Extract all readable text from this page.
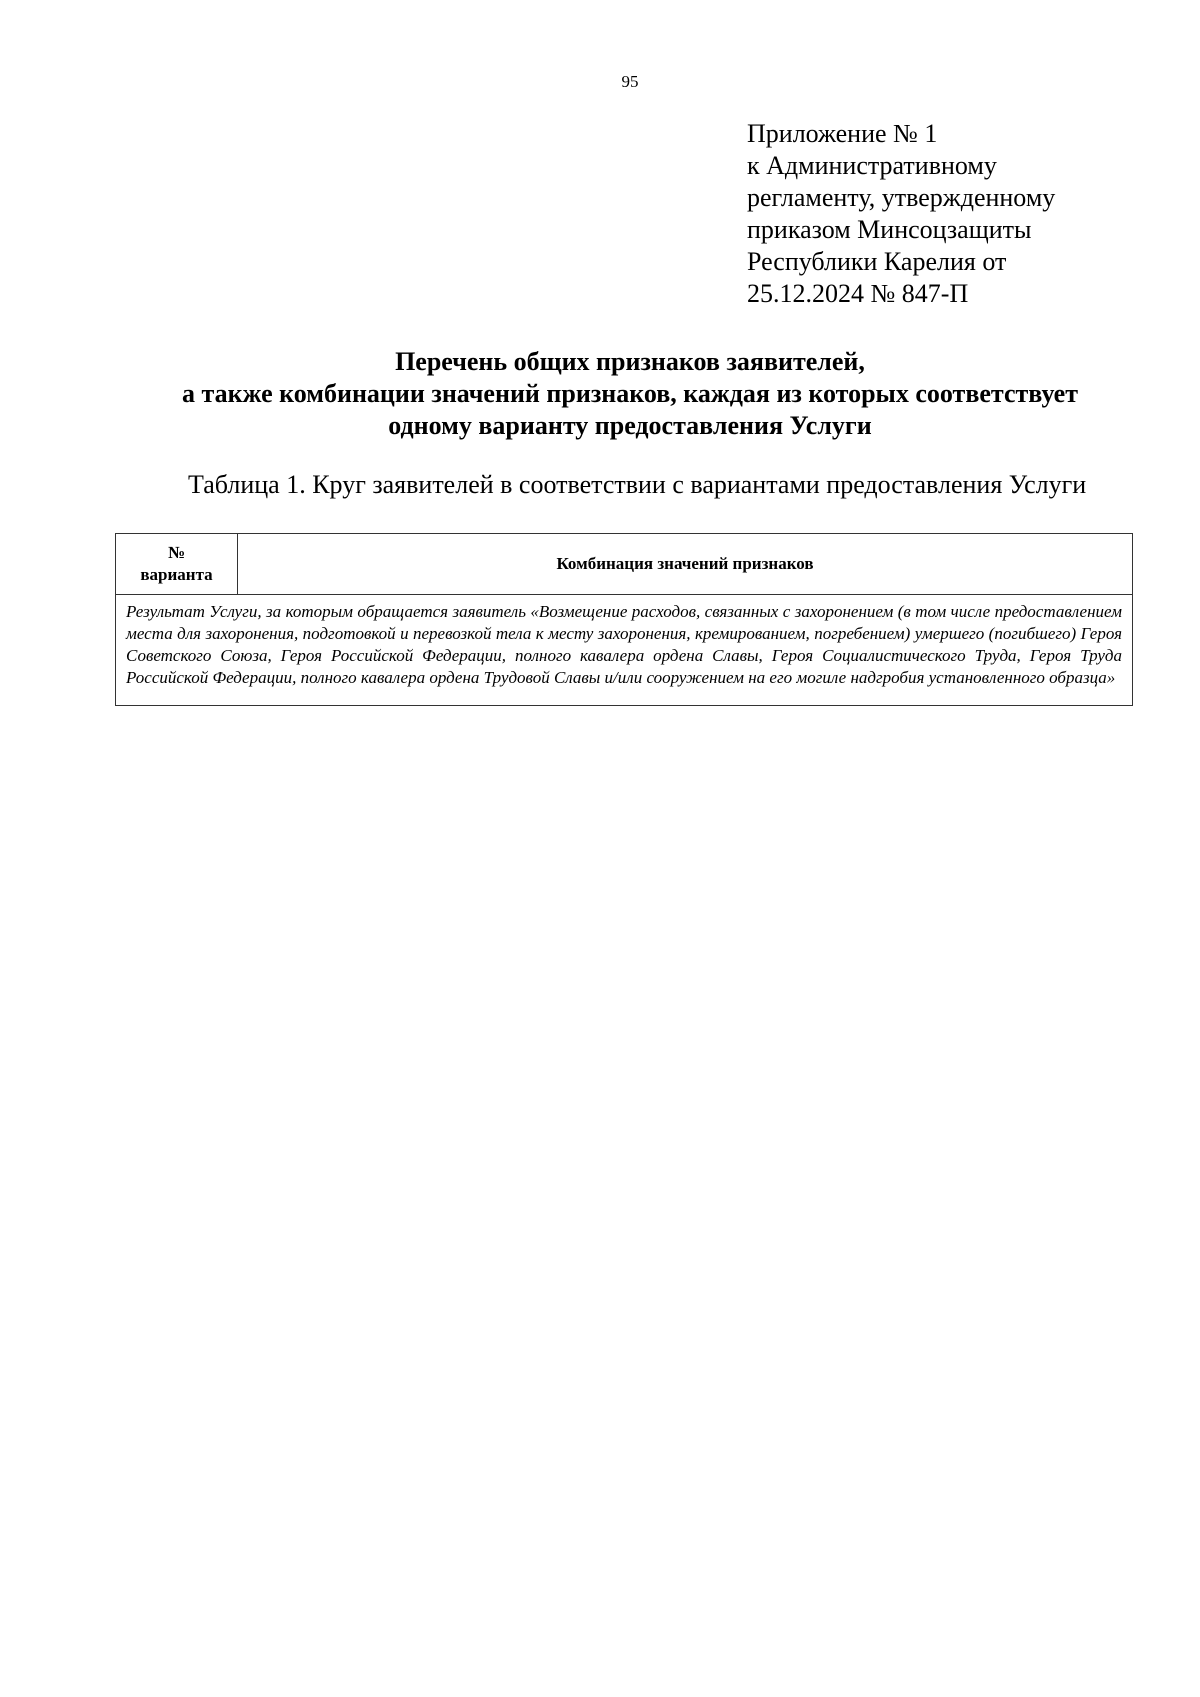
95
Приложение № 1
к Административному
регламенту, утвержденному
приказом Минсоцзащиты
Республики Карелия от
25.12.2024 № 847-П
Перечень общих признаков заявителей,
а также комбинации значений признаков, каждая из которых соответствует
одному варианту предоставления Услуги
Таблица 1. Круг заявителей в соответствии с вариантами предоставления Услуги
№
варианта
	Комбинация значений признаков
Результат Услуги, за которым обращается заявитель «Возмещение расходов, связанных с захоронением (в том числе предоставлением места для захоронения, подготовкой и перевозкой тела к месту захоронения, кремированием, погребением) умершего (погибшего) Героя Советского Союза, Героя Российской Федерации, полного кавалера ордена Славы, Героя Социалистического Труда, Героя Труда Российской Федерации, полного кавалера ордена Трудовой Славы и/или сооружением на его могиле надгробия установленного образца»
